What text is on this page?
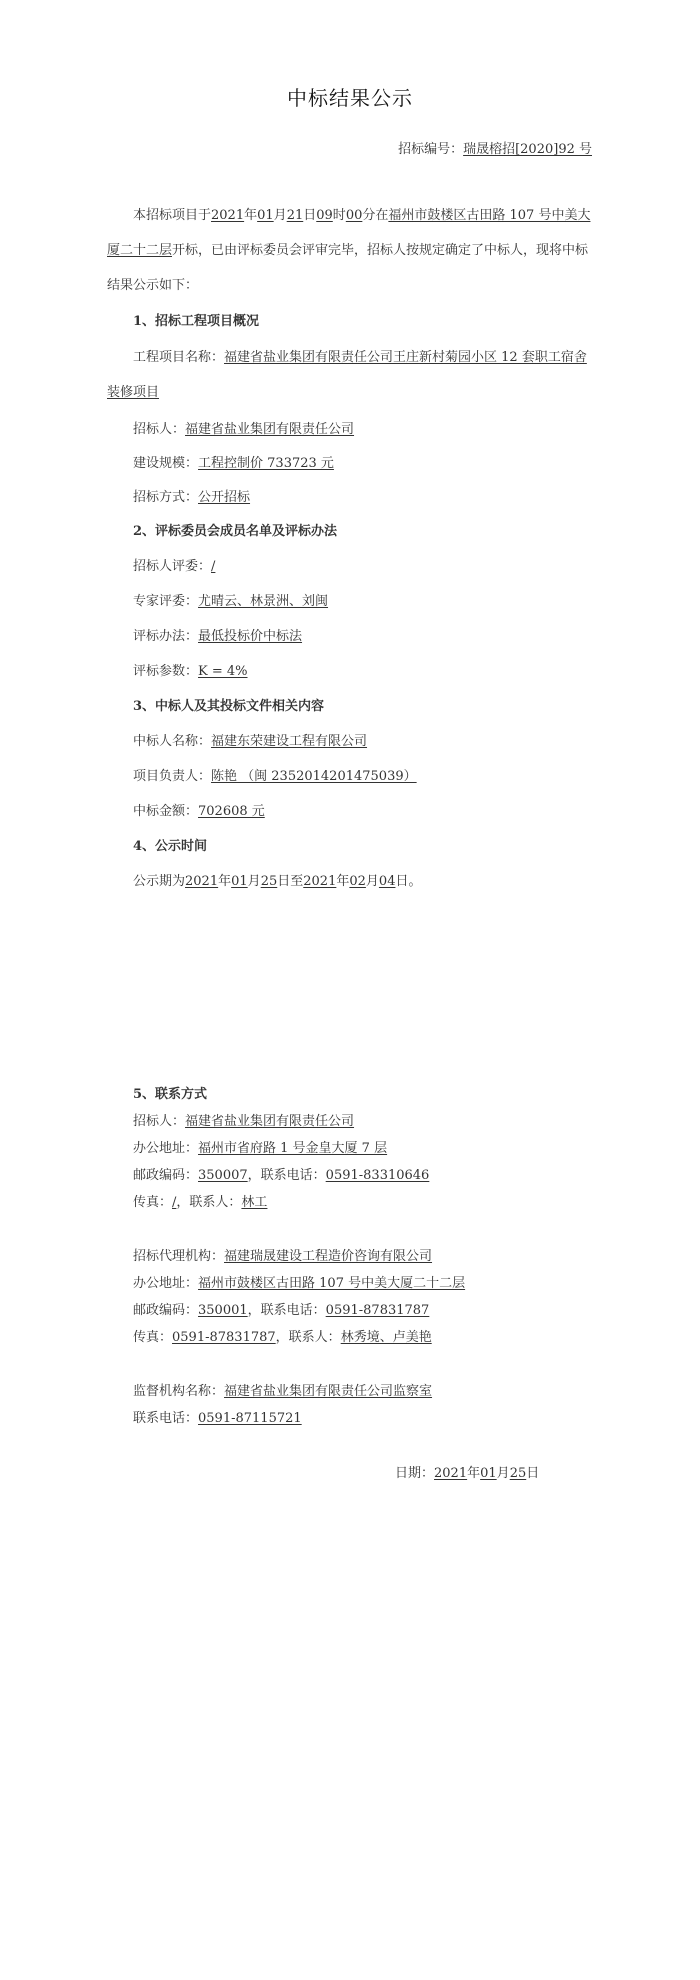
中标结果公示
招标编号：瑞晟榕招[2020]92 号
本招标项目于2021年01月21日09时00分在福州市鼓楼区古田路 107 号中美大厦二十二层开标，已由评标委员会评审完毕，招标人按规定确定了中标人，现将中标结果公示如下：
1、招标工程项目概况
工程项目名称：福建省盐业集团有限责任公司王庄新村菊园小区 12 套职工宿舍装修项目
招标人：福建省盐业集团有限责任公司
建设规模：工程控制价 733723 元
招标方式：公开招标
2、评标委员会成员名单及评标办法
招标人评委：/
专家评委：尤晴云、林景洲、刘闽
评标办法：最低投标价中标法
评标参数：K = 4%
3、中标人及其投标文件相关内容
中标人名称：福建东荣建设工程有限公司
项目负责人：陈艳 （闽 2352014201475039）
中标金额：702608 元
4、公示时间
公示期为2021年01月25日至2021年02月04日。
5、联系方式
招标人：福建省盐业集团有限责任公司
办公地址：福州市省府路 1 号金皇大厦 7 层
邮政编码：350007，联系电话：0591-83310646
传真：/，联系人：林工
招标代理机构：福建瑞晟建设工程造价咨询有限公司
办公地址：福州市鼓楼区古田路 107 号中美大厦二十二层
邮政编码：350001，联系电话：0591-87831787
传真：0591-87831787，联系人：林秀境、卢美艳
监督机构名称：福建省盐业集团有限责任公司监察室
联系电话：0591-87115721
日期：2021年01月25日
